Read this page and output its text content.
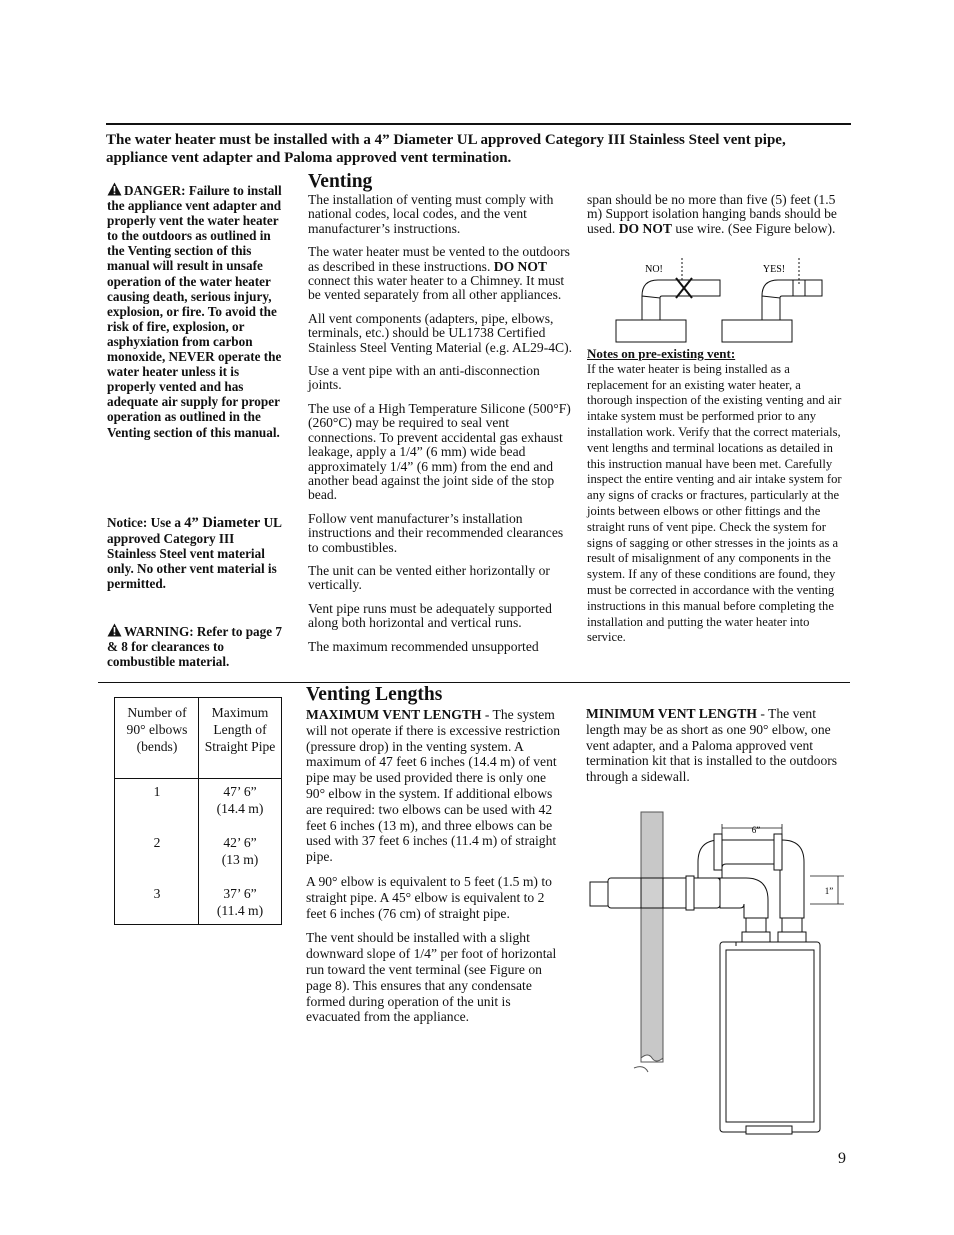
The water heater must be installed with a 4” Diameter UL approved Category III Stainless Steel vent pipe, appliance vent adapter and Paloma approved vent termination.
DANGER: Failure to install the appliance vent adapter and properly vent the water heater to the outdoors as outlined in the Venting section of this manual will result in unsafe operation of the water heater causing death, serious injury, explosion, or fire. To avoid the risk of fire, explosion, or asphyxiation from carbon monoxide, NEVER operate the water heater unless it is properly vented and has adequate air supply for proper operation as outlined in the Venting section of this manual.
Notice: Use a 4” Diameter UL approved Category III Stainless Steel vent material only. No other vent material is permitted.
WARNING: Refer to page 7 & 8 for clearances to combustible material.
Venting

The installation of venting must comply with national codes, local codes, and the vent manufacturer’s instructions.

The water heater must be vented to the outdoors as described in these instructions. DO NOT connect this water heater to a Chimney. It must be vented separately from all other appliances.

All vent components (adapters, pipe, elbows, terminals, etc.) should be UL1738 Certified Stainless Steel Venting Material (e.g. AL29-4C).

Use a vent pipe with an anti-disconnection joints.

The use of a High Temperature Silicone (500°F) (260°C) may be required to seal vent connections. To prevent accidental gas exhaust leakage, apply a 1/4” (6 mm) wide bead approximately 1/4” (6 mm) from the end and another bead against the joint side of the stop bead.

Follow vent manufacturer’s installation instructions and their recommended clearances to combustibles.

The unit can be vented either horizontally or vertically.

Vent pipe runs must be adequately supported along both horizontal and vertical runs.

The maximum recommended unsupported

span should be no more than five (5) feet (1.5 m) Support isolation hanging bands should be used. DO NOT use wire. (See Figure below).

NO!	YES!
Notes on pre-existing vent:
If the water heater is being installed as a replacement for an existing water heater, a thorough inspection of the existing venting and air intake system must be performed prior to any installation work. Verify that the correct materials, vent lengths and terminal locations as detailed in this instruction manual have been met. Carefully inspect the entire venting and air intake system for any signs of cracks or fractures, particularly at the joints between elbows or other fittings and the straight runs of vent pipe. Check the system for signs of sagging or other stresses in the joints as a result of misalignment of any components in the system. If any of these conditions are found, they must be corrected in accordance with the venting instructions in this manual before completing the installation and putting the water heater into service.
Number of 90° elbows (bends)
Maximum Length of Straight Pipe
1	47’ 6”
(14.4 m)
2	42’ 6”
(13 m)
3	37’ 6”
(11.4 m)
Venting Lengths

MAXIMUM VENT LENGTH - The system will not operate if there is excessive restriction (pressure drop) in the venting system. A maximum of 47 feet 6 inches (14.4 m) of vent pipe may be used provided there is only one 90° elbow in the system. If additional elbows are required: two elbows can be used with 42 feet 6 inches (13 m), and three elbows can be used with 37 feet 6 inches (11.4 m) of straight pipe.

A 90° elbow is equivalent to 5 feet (1.5 m) to straight pipe. A 45° elbow is equivalent to 2 feet 6 inches (76 cm) of straight pipe.

The vent should be installed with a slight downward slope of 1/4” per foot of horizontal run toward the vent terminal (see Figure on page 8). This ensures that any condensate formed during operation of the unit is evacuated from the appliance.

MINIMUM VENT LENGTH - The vent length may be as short as one 90° elbow, one vent adapter, and a Paloma approved vent termination kit that is installed to the outdoors through a sidewall.
6”
1”
9
